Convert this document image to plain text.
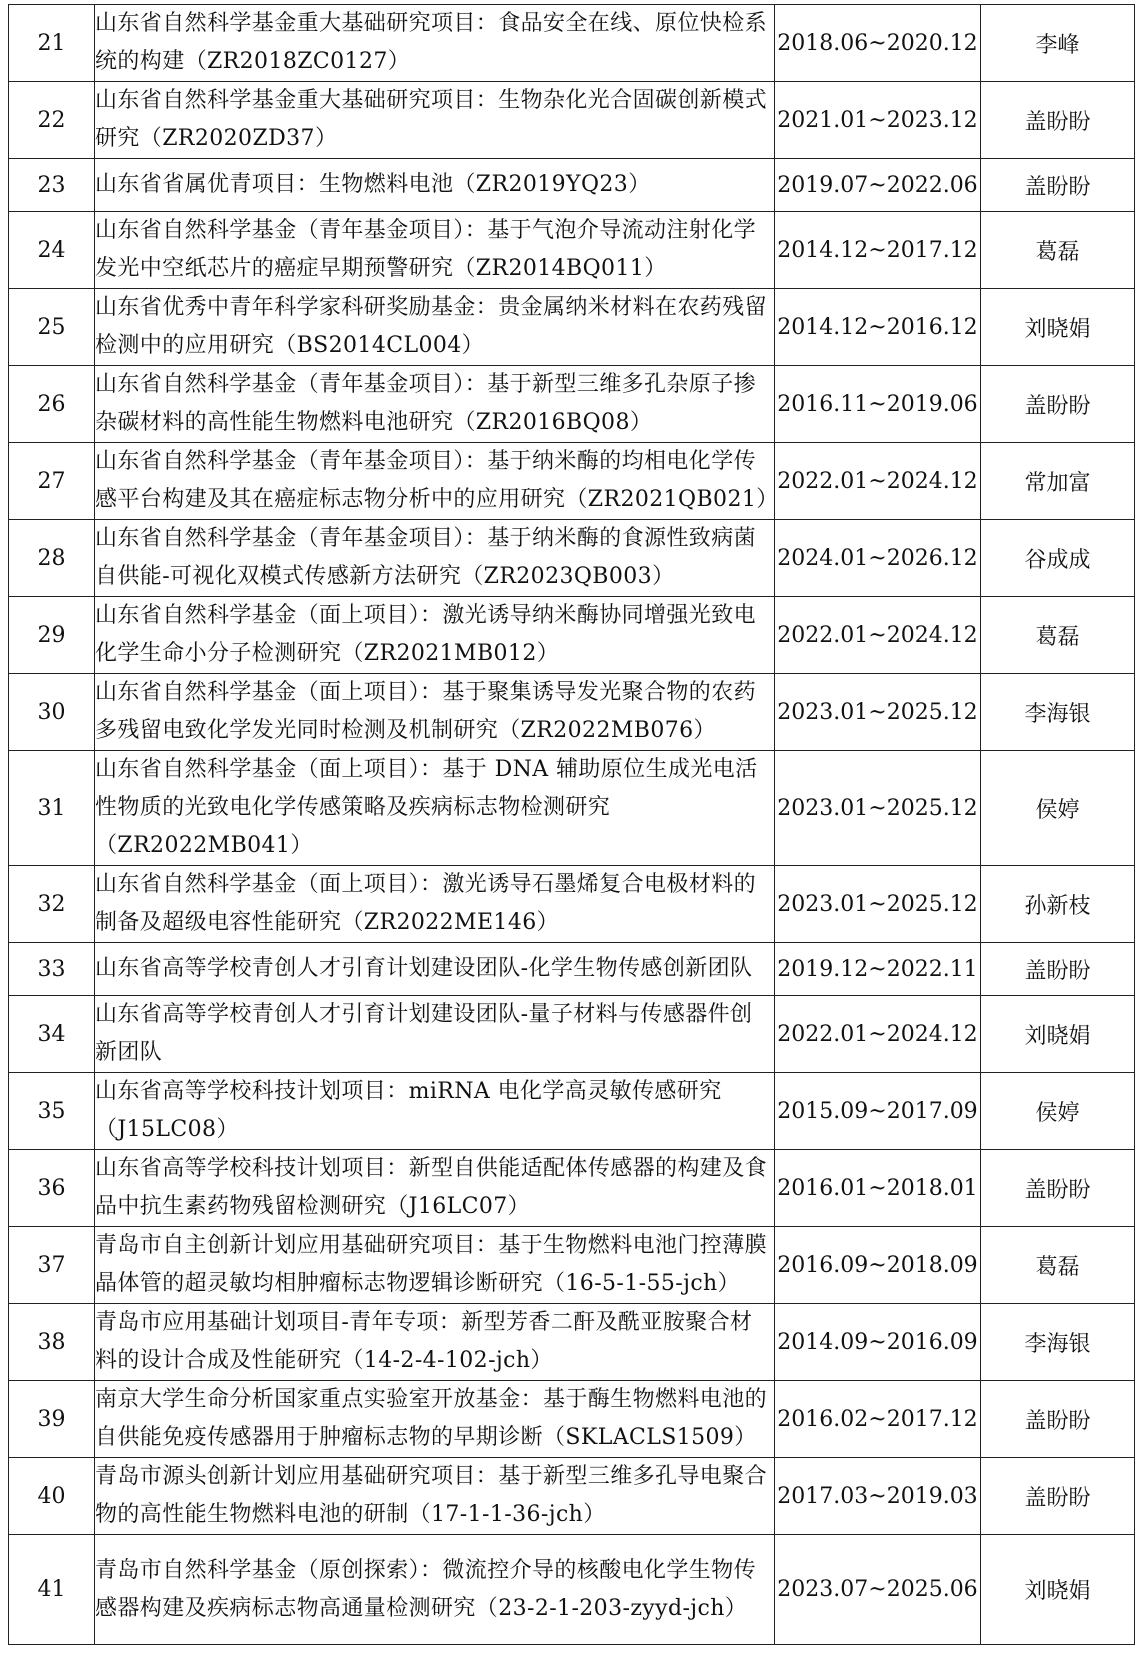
21	山东省自然科学基金重大基础研究项目：食品安全在线、原位快检系统的构建（ZR2018ZC0127）	2018.06~2020.12	李峰
22	山东省自然科学基金重大基础研究项目：生物杂化光合固碳创新模式研究（ZR2020ZD37）	2021.01~2023.12	盖盼盼
23	山东省省属优青项目：生物燃料电池（ZR2019YQ23）	2019.07~2022.06	盖盼盼
24	山东省自然科学基金（青年基金项目）：基于气泡介导流动注射化学发光中空纸芯片的癌症早期预警研究（ZR2014BQ011）	2014.12~2017.12	葛磊
25	山东省优秀中青年科学家科研奖励基金：贵金属纳米材料在农药残留检测中的应用研究（BS2014CL004）	2014.12~2016.12	刘晓娟
26	山东省自然科学基金（青年基金项目）：基于新型三维多孔杂原子掺杂碳材料的高性能生物燃料电池研究（ZR2016BQ08）	2016.11~2019.06	盖盼盼
27	山东省自然科学基金（青年基金项目）：基于纳米酶的均相电化学传感平台构建及其在癌症标志物分析中的应用研究（ZR2021QB021）	2022.01~2024.12	常加富
28	山东省自然科学基金（青年基金项目）：基于纳米酶的食源性致病菌自供能-可视化双模式传感新方法研究（ZR2023QB003）	2024.01~2026.12	谷成成
29	山东省自然科学基金（面上项目）：激光诱导纳米酶协同增强光致电化学生命小分子检测研究（ZR2021MB012）	2022.01~2024.12	葛磊
30	山东省自然科学基金（面上项目）：基于聚集诱导发光聚合物的农药多残留电致化学发光同时检测及机制研究（ZR2022MB076）	2023.01~2025.12	李海银
31	山东省自然科学基金（面上项目）：基于 DNA 辅助原位生成光电活性物质的光致电化学传感策略及疾病标志物检测研究（ZR2022MB041）	2023.01~2025.12	侯婷
32	山东省自然科学基金（面上项目）：激光诱导石墨烯复合电极材料的制备及超级电容性能研究（ZR2022ME146）	2023.01~2025.12	孙新枝
33	山东省高等学校青创人才引育计划建设团队-化学生物传感创新团队	2019.12~2022.11	盖盼盼
34	山东省高等学校青创人才引育计划建设团队-量子材料与传感器件创新团队	2022.01~2024.12	刘晓娟
35	山东省高等学校科技计划项目：miRNA 电化学高灵敏传感研究（J15LC08）	2015.09~2017.09	侯婷
36	山东省高等学校科技计划项目：新型自供能适配体传感器的构建及食品中抗生素药物残留检测研究（J16LC07）	2016.01~2018.01	盖盼盼
37	青岛市自主创新计划应用基础研究项目：基于生物燃料电池门控薄膜晶体管的超灵敏均相肿瘤标志物逻辑诊断研究（16-5-1-55-jch）	2016.09~2018.09	葛磊
38	青岛市应用基础计划项目-青年专项：新型芳香二酐及酰亚胺聚合材料的设计合成及性能研究（14-2-4-102-jch）	2014.09~2016.09	李海银
39	南京大学生命分析国家重点实验室开放基金：基于酶生物燃料电池的自供能免疫传感器用于肿瘤标志物的早期诊断（SKLACLS1509）	2016.02~2017.12	盖盼盼
40	青岛市源头创新计划应用基础研究项目：基于新型三维多孔导电聚合物的高性能生物燃料电池的研制（17-1-1-36-jch）	2017.03~2019.03	盖盼盼
41	青岛市自然科学基金（原创探索）：微流控介导的核酸电化学生物传感器构建及疾病标志物高通量检测研究（23-2-1-203-zyyd-jch）	2023.07~2025.06	刘晓娟
